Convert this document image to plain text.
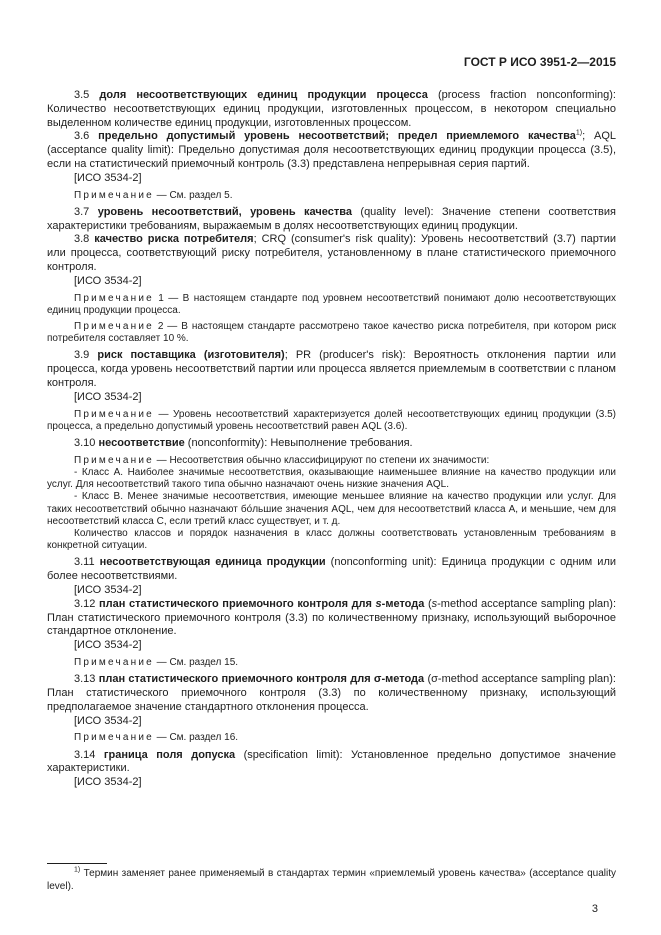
ГОСТ Р ИСО 3951-2—2015

3.5 доля несоответствующих единиц продукции процесса (process fraction nonconforming): Количество несоответствующих единиц продукции, изготовленных процессом, в некотором специально выделенном количестве единиц продукции, изготовленных процессом.

3.6 предельно допустимый уровень несоответствий; предел приемлемого качества$^{1)}$; AQL (acceptance quality limit): Предельно допустимая доля несоответствующих единиц продукции процесса (3.5), если на статистический приемочный контроль (3.3) представлена непрерывная серия партий.

[ИСО 3534-2]

Примечание — См. раздел 5.

3.7 уровень несоответствий, уровень качества (quality level): Значение степени соответствия характеристики требованиям, выражаемым в долях несоответствующих единиц продукции.

3.8 качество риска потребителя; CRQ (consumer's risk quality): Уровень несоответствий (3.7) партии или процесса, соответствующий риску потребителя, установленному в плане статистического приемочного контроля.

[ИСО 3534-2]

Примечание 1 — В настоящем стандарте под уровнем несоответствий понимают долю несоответствующих единиц продукции процесса.

Примечание 2 — В настоящем стандарте рассмотрено такое качество риска потребителя, при котором риск потребителя составляет 10 %.

3.9 риск поставщика (изготовителя); PR (producer's risk): Вероятность отклонения партии или процесса, когда уровень несоответствий партии или процесса является приемлемым в соответствии с планом контроля.

[ИСО 3534-2]

Примечание — Уровень несоответствий характеризуется долей несоответствующих единиц продукции (3.5) процесса, а предельно допустимый уровень несоответствий равен AQL (3.6).

3.10 несоответствие (nonconformity): Невыполнение требования.

Примечание — Несоответствия обычно классифицируют по степени их значимости:

- Класс А. Наиболее значимые несоответствия, оказывающие наименьшее влияние на качество продукции или услуг. Для несоответствий такого типа обычно назначают очень низкие значения AQL.

- Класс В. Менее значимые несоответствия, имеющие меньшее влияние на качество продукции или услуг. Для таких несоответствий обычно назначают бо́льшие значения AQL, чем для несоответствий класса А, и меньшие, чем для несоответствий класса С, если третий класс существует, и т. д.

Количество классов и порядок назначения в класс должны соответствовать установленным требованиям в конкретной ситуации.

3.11 несоответствующая единица продукции (nonconforming unit): Единица продукции с одним или более несоответствиями.

[ИСО 3534-2]

3.12 план статистического приемочного контроля для s-метода (s-method acceptance sampling plan): План статистического приемочного контроля (3.3) по количественному признаку, использующий выборочное стандартное отклонение.

[ИСО 3534-2]

Примечание — См. раздел 15.

3.13 план статистического приемочного контроля для σ-метода (σ-method acceptance sampling plan): План статистического приемочного контроля (3.3) по количественному признаку, использующий предполагаемое значение стандартного отклонения процесса.

[ИСО 3534-2]

Примечание — См. раздел 16.

3.14 граница поля допуска (specification limit): Установленное предельно допустимое значение характеристики.

[ИСО 3534-2]

$^{1)}$ Термин заменяет ранее применяемый в стандартах термин «приемлемый уровень качества» (acceptance quality level).

3
